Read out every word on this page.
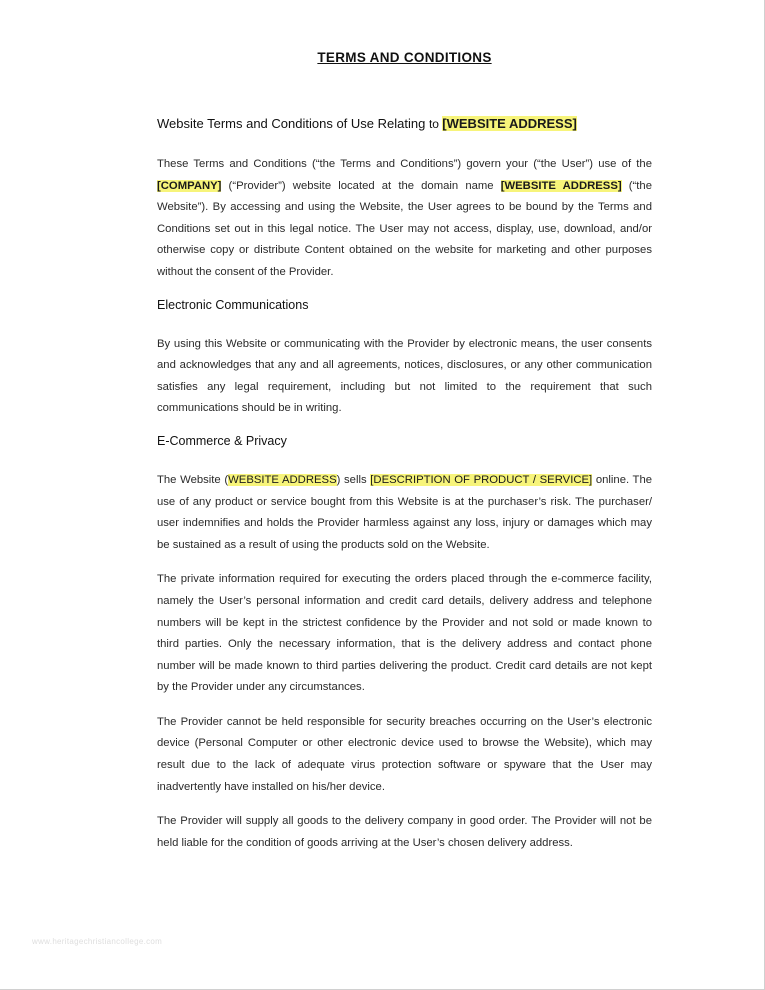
TERMS AND CONDITIONS
Website Terms and Conditions of Use Relating to [WEBSITE ADDRESS]

These Terms and Conditions (“the Terms and Conditions”) govern your (“the User”) use of the [COMPANY] (“Provider”) website located at the domain name [WEBSITE ADDRESS] (“the Website”). By accessing and using the Website, the User agrees to be bound by the Terms and Conditions set out in this legal notice. The User may not access, display, use, download, and/or otherwise copy or distribute Content obtained on the website for marketing and other purposes without the consent of the Provider.

Electronic Communications

By using this Website or communicating with the Provider by electronic means, the user consents and acknowledges that any and all agreements, notices, disclosures, or any other communication satisfies any legal requirement, including but not limited to the requirement that such communications should be in writing.

E-Commerce & Privacy

The Website (WEBSITE ADDRESS) sells [DESCRIPTION OF PRODUCT / SERVICE] online. The use of any product or service bought from this Website is at the purchaser’s risk. The purchaser/ user indemnifies and holds the Provider harmless against any loss, injury or damages which may be sustained as a result of using the products sold on the Website.

The private information required for executing the orders placed through the e-commerce facility, namely the User’s personal information and credit card details, delivery address and telephone numbers will be kept in the strictest confidence by the Provider and not sold or made known to third parties. Only the necessary information, that is the delivery address and contact phone number will be made known to third parties delivering the product. Credit card details are not kept by the Provider under any circumstances.

The Provider cannot be held responsible for security breaches occurring on the User’s electronic device (Personal Computer or other electronic device used to browse the Website), which may result due to the lack of adequate virus protection software or spyware that the User may inadvertently have installed on his/her device.

The Provider will supply all goods to the delivery company in good order. The Provider will not be held liable for the condition of goods arriving at the User’s chosen delivery address.

www.heritagechristiancollege.com
